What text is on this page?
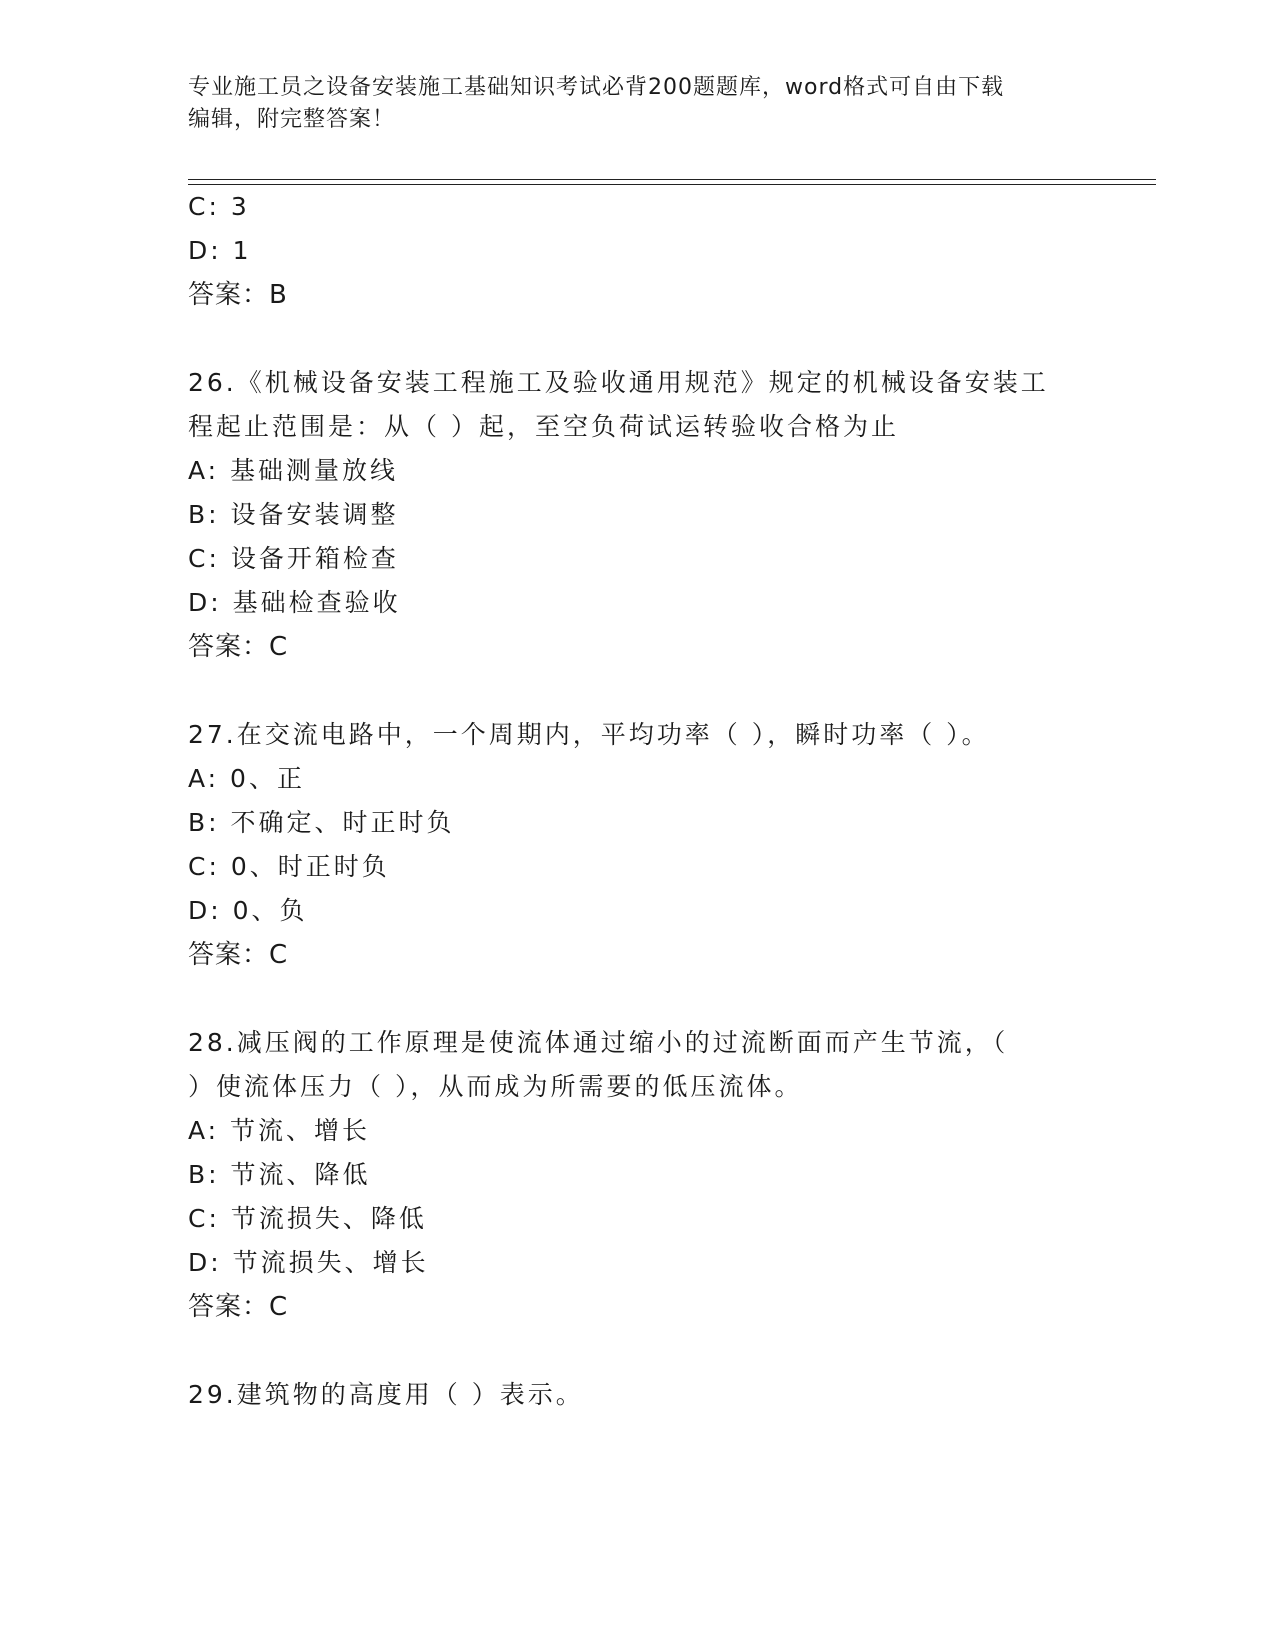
专业施工员之设备安装施工基础知识考试必背200题题库，word格式可自由下载
编辑，附完整答案！
C: 3
D: 1
答案：B
26.《机械设备安装工程施工及验收通用规范》规定的机械设备安装工
程起止范围是：从（ ）起，至空负荷试运转验收合格为止
A: 基础测量放线
B: 设备安装调整
C: 设备开箱检查
D: 基础检查验收
答案：C
27.在交流电路中，一个周期内，平均功率（ ），瞬时功率（ ）。
A: 0、正
B: 不确定、时正时负
C: 0、时正时负
D: 0、负
答案：C
28.减压阀的工作原理是使流体通过缩小的过流断面而产生节流，（
）使流体压力（ ），从而成为所需要的低压流体。
A: 节流、增长
B: 节流、降低
C: 节流损失、降低
D: 节流损失、增长
答案：C
29.建筑物的高度用（ ）表示。
